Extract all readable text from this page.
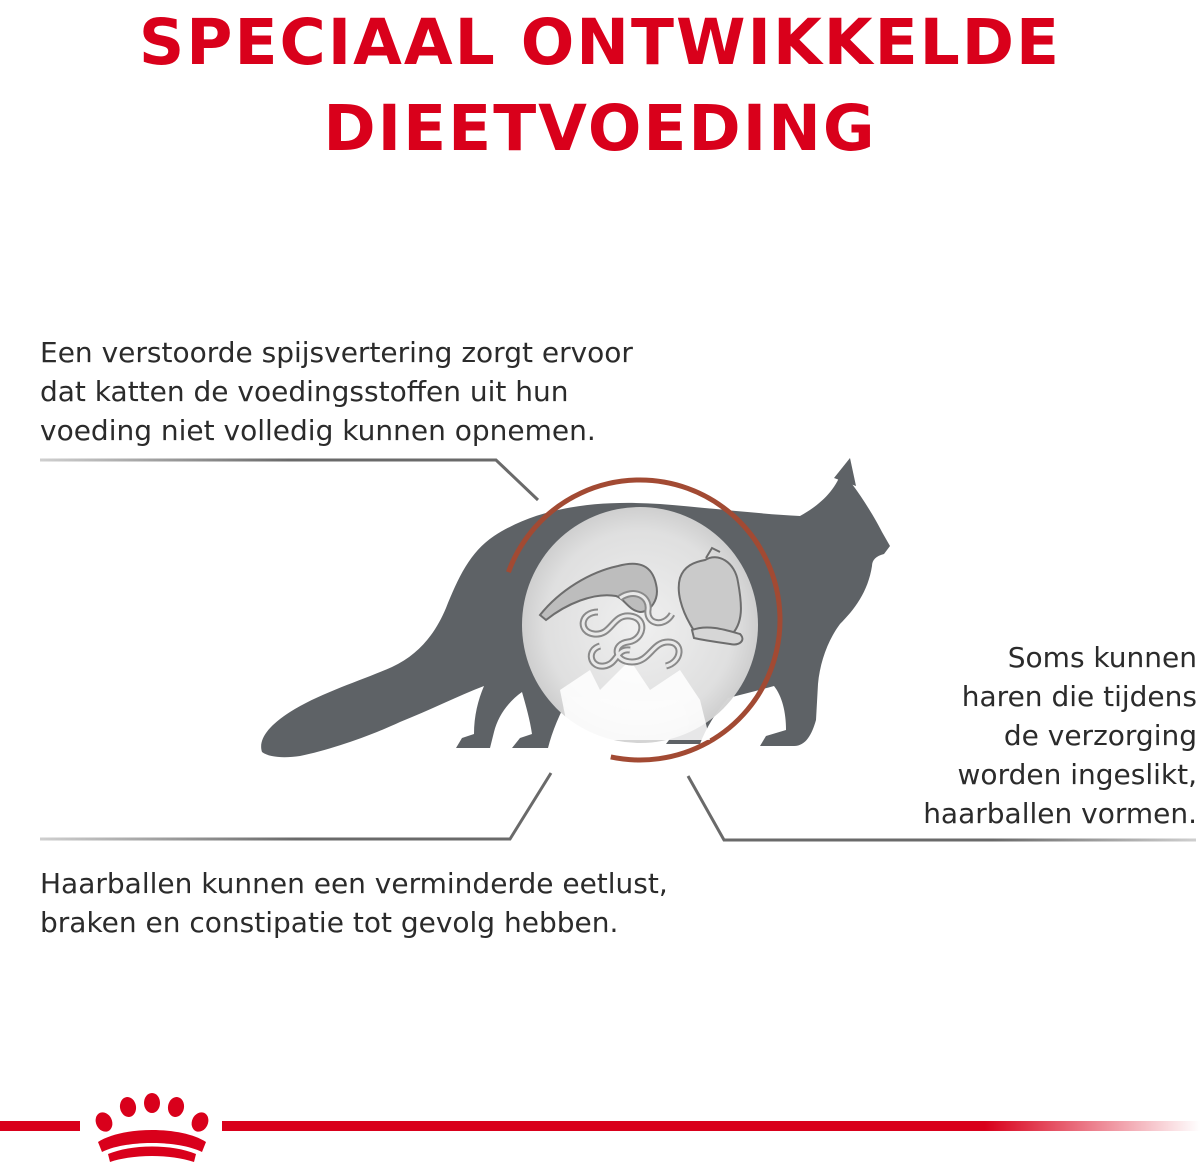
SPECIAAL ONTWIKKELDE
DIEETVOEDING
Een verstoorde spijsvertering zorgt ervoor
dat katten de voedingsstoffen uit hun
voeding niet volledig kunnen opnemen.
Soms kunnen
haren die tijdens
de verzorging
worden ingeslikt,
haarballen vormen.
Haarballen kunnen een verminderde eetlust,
braken en constipatie tot gevolg hebben.
